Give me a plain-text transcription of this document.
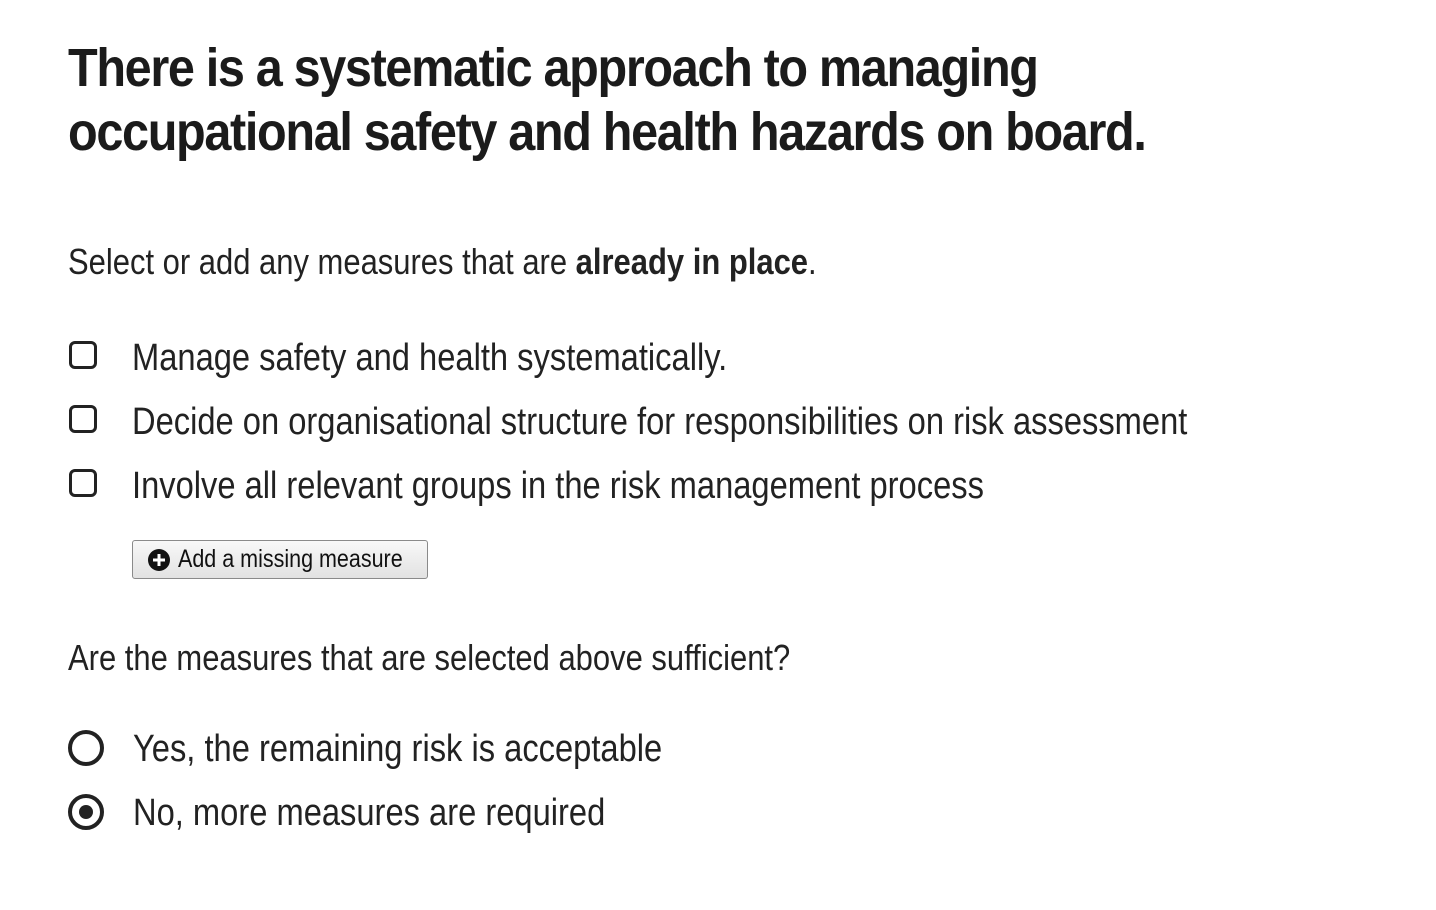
There is a systematic approach to managing
occupational safety and health hazards on board.
Select or add any measures that are already in place.
Manage safety and health systematically.
Decide on organisational structure for responsibilities on risk assessment
Involve all relevant groups in the risk management process
Add a missing measure
Are the measures that are selected above sufficient?
Yes, the remaining risk is acceptable
No, more measures are required
